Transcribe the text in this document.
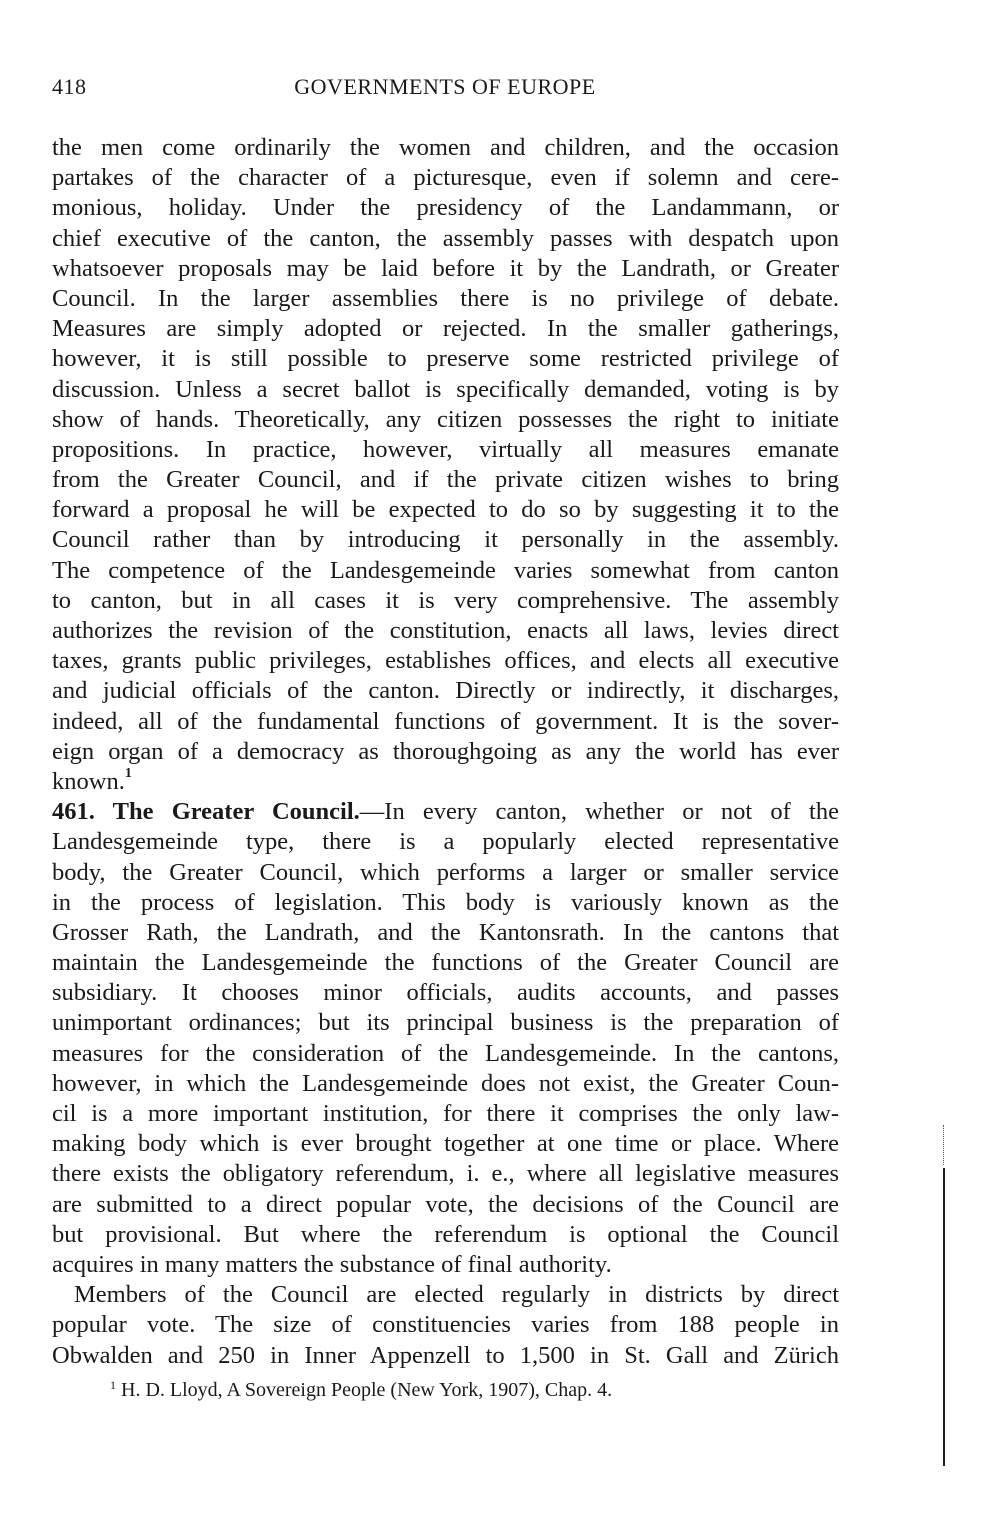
418	GOVERNMENTS OF EUROPE
the men come ordinarily the women and children, and the occasion
partakes of the character of a picturesque, even if solemn and cere-
monious, holiday. Under the presidency of the Landammann, or
chief executive of the canton, the assembly passes with despatch upon
whatsoever proposals may be laid before it by the Landrath, or Greater
Council. In the larger assemblies there is no privilege of debate.
Measures are simply adopted or rejected. In the smaller gatherings,
however, it is still possible to preserve some restricted privilege of
discussion. Unless a secret ballot is specifically demanded, voting is by
show of hands. Theoretically, any citizen possesses the right to initiate
propositions. In practice, however, virtually all measures emanate
from the Greater Council, and if the private citizen wishes to bring
forward a proposal he will be expected to do so by suggesting it to the
Council rather than by introducing it personally in the assembly.
The competence of the Landesgemeinde varies somewhat from canton
to canton, but in all cases it is very comprehensive. The assembly
authorizes the revision of the constitution, enacts all laws, levies direct
taxes, grants public privileges, establishes offices, and elects all executive
and judicial officials of the canton. Directly or indirectly, it discharges,
indeed, all of the fundamental functions of government. It is the sover-
eign organ of a democracy as thoroughgoing as any the world has ever
known.$^1$
461. The Greater Council.—In every canton, whether or not of the
Landesgemeinde type, there is a popularly elected representative
body, the Greater Council, which performs a larger or smaller service
in the process of legislation. This body is variously known as the
Grosser Rath, the Landrath, and the Kantonsrath. In the cantons that
maintain the Landesgemeinde the functions of the Greater Council are
subsidiary. It chooses minor officials, audits accounts, and passes
unimportant ordinances; but its principal business is the preparation of
measures for the consideration of the Landesgemeinde. In the cantons,
however, in which the Landesgemeinde does not exist, the Greater Coun-
cil is a more important institution, for there it comprises the only law-
making body which is ever brought together at one time or place. Where
there exists the obligatory referendum, i. e., where all legislative measures
are submitted to a direct popular vote, the decisions of the Council are
but provisional. But where the referendum is optional the Council
acquires in many matters the substance of final authority.
Members of the Council are elected regularly in districts by direct
popular vote. The size of constituencies varies from 188 people in
Obwalden and 250 in Inner Appenzell to 1,500 in St. Gall and Zürich
$^1$ H. D. Lloyd, A Sovereign People (New York, 1907), Chap. 4.
